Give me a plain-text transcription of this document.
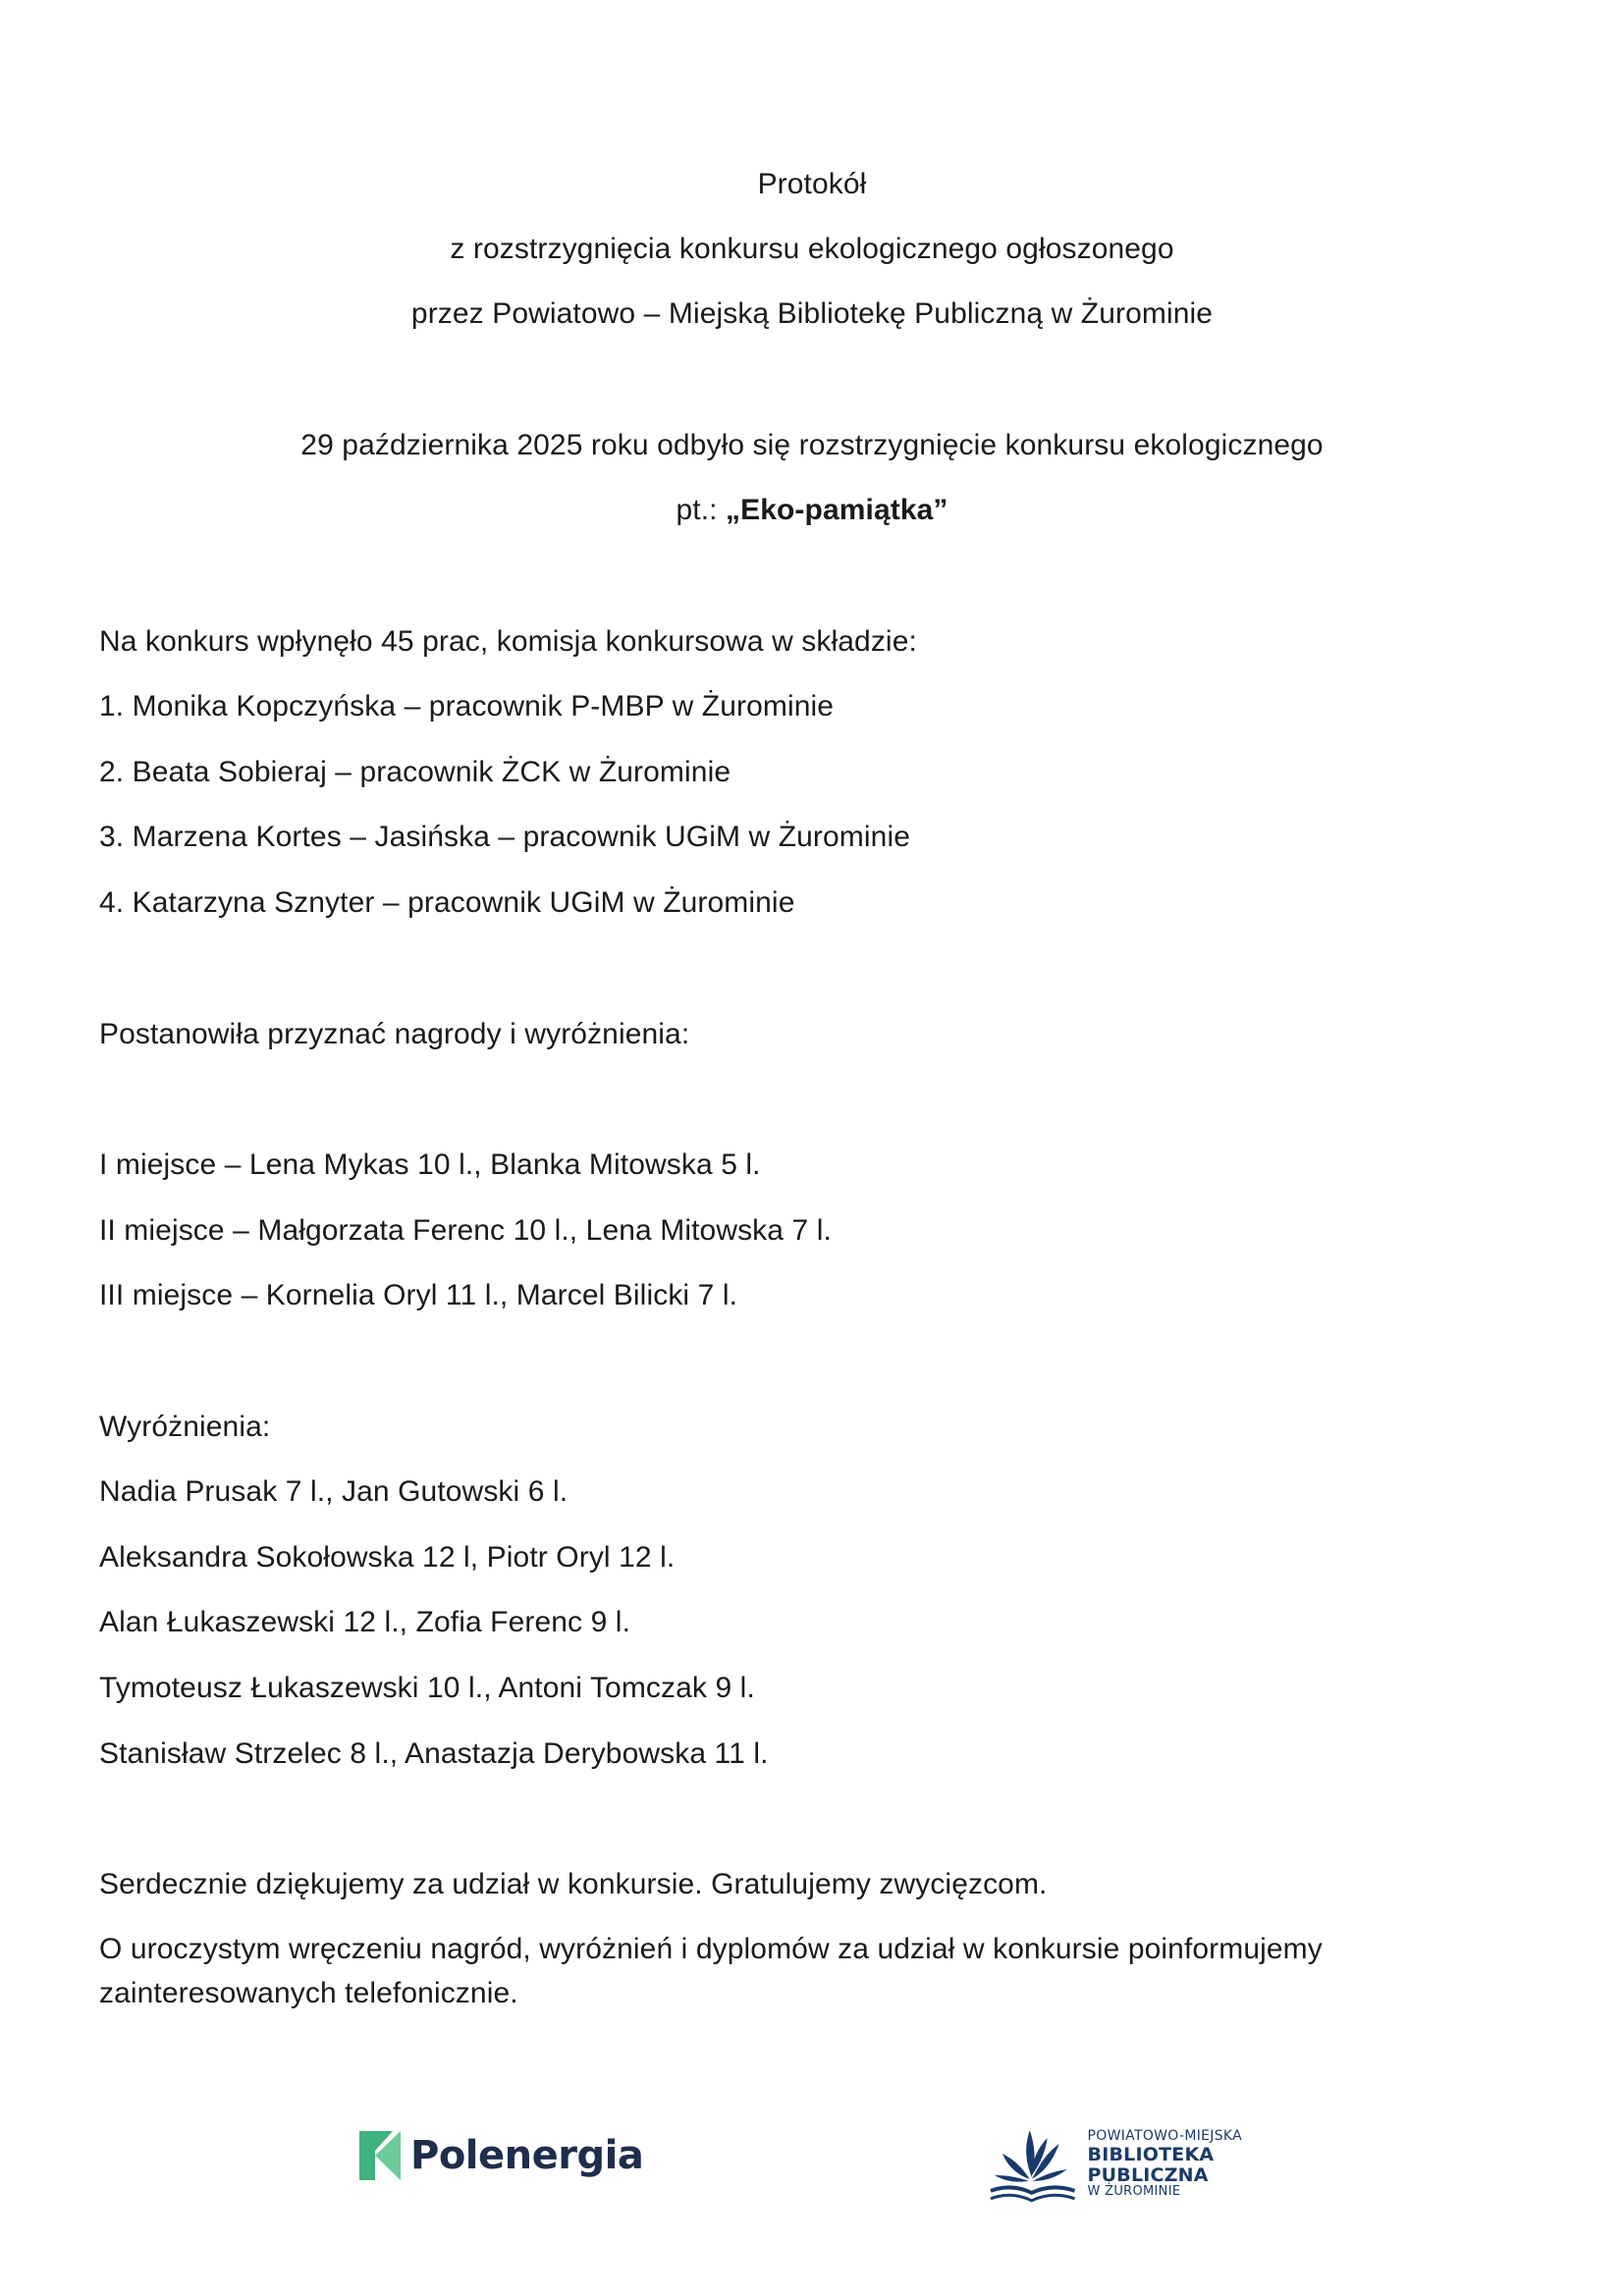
Protokół
z rozstrzygnięcia konkursu ekologicznego ogłoszonego
przez Powiatowo – Miejską Bibliotekę Publiczną w Żurominie
29 października 2025 roku odbyło się rozstrzygnięcie konkursu ekologicznego
pt.: „Eko-pamiątka”
Na konkurs wpłynęło 45 prac, komisja konkursowa w składzie:
1. Monika Kopczyńska – pracownik P-MBP w Żurominie
2. Beata Sobieraj – pracownik ŻCK w Żurominie
3. Marzena Kortes – Jasińska – pracownik UGiM w Żurominie
4. Katarzyna Sznyter – pracownik UGiM w Żurominie
Postanowiła przyznać nagrody i wyróżnienia:
I miejsce – Lena Mykas 10 l., Blanka Mitowska 5 l.
II miejsce – Małgorzata Ferenc 10 l., Lena Mitowska 7 l.
III miejsce – Kornelia Oryl 11 l., Marcel Bilicki 7 l.
Wyróżnienia:
Nadia Prusak 7 l., Jan Gutowski 6 l.
Aleksandra Sokołowska 12 l, Piotr Oryl 12 l.
Alan Łukaszewski 12 l., Zofia Ferenc 9 l.
Tymoteusz Łukaszewski 10 l., Antoni Tomczak 9 l.
Stanisław Strzelec 8 l., Anastazja Derybowska 11 l.
Serdecznie dziękujemy za udział w konkursie. Gratulujemy zwycięzcom.
O uroczystym wręczeniu nagród, wyróżnień i dyplomów za udział w konkursie poinformujemy
zainteresowanych telefonicznie.
Polenergia	POWIATOWO-MIEJSKA
BIBLIOTEKA PUBLICZNA
W ŻUROMINIE
